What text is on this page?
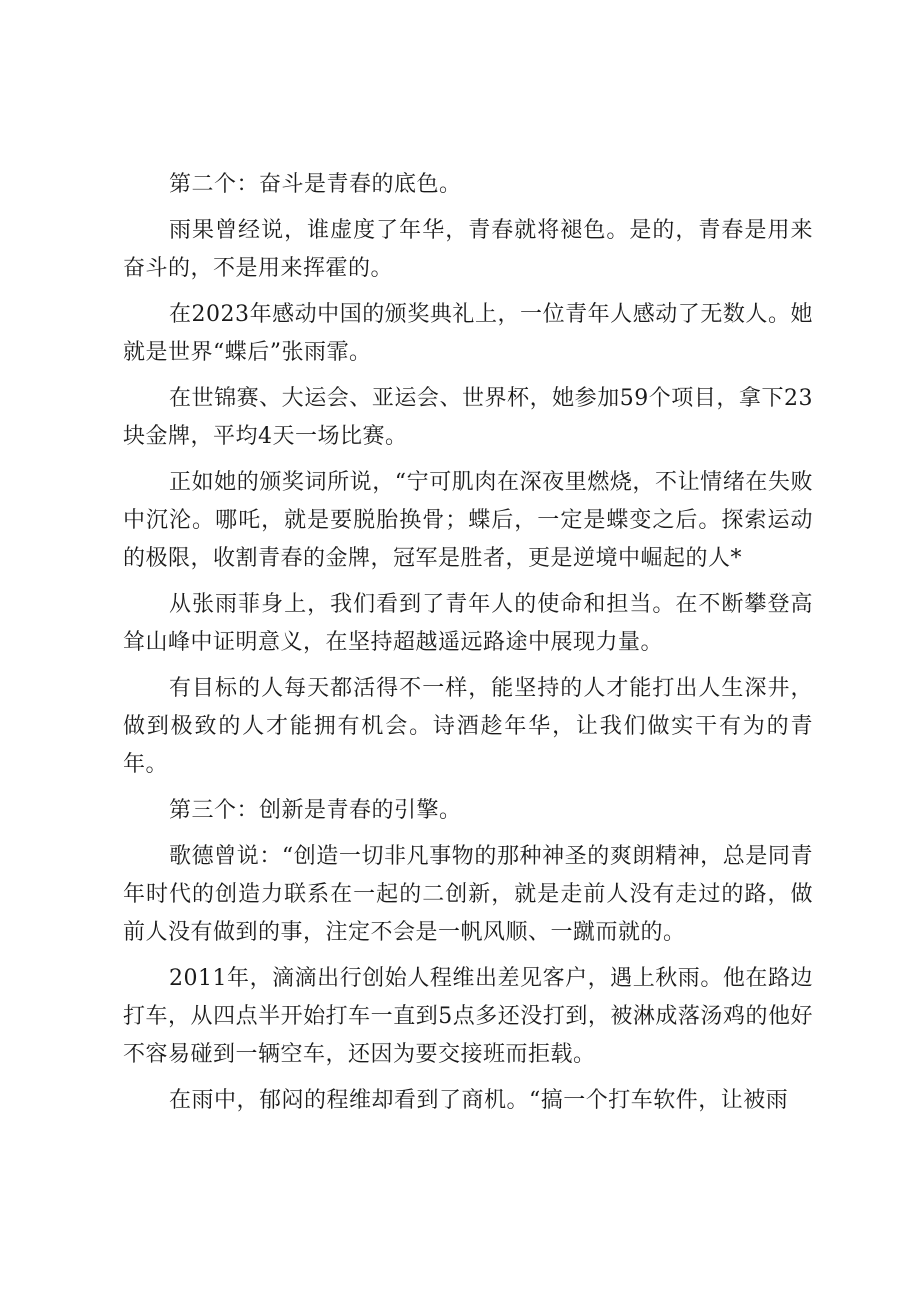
第二个：奋斗是青春的底色。

雨果曾经说，谁虚度了年华，青春就将褪色。是的，青春是用来奋斗的，不是用来挥霍的。

在2023年感动中国的颁奖典礼上，一位青年人感动了无数人。她就是世界“蝶后”张雨霏。

在世锦赛、大运会、亚运会、世界杯，她参加59个项目，拿下23块金牌，平均4天一场比赛。

正如她的颁奖词所说，“宁可肌肉在深夜里燃烧，不让情绪在失败中沉沦。哪吒，就是要脱胎换骨；蝶后，一定是蝶变之后。探索运动的极限，收割青春的金牌，冠军是胜者，更是逆境中崛起的人*

从张雨菲身上，我们看到了青年人的使命和担当。在不断攀登高耸山峰中证明意义，在坚持超越遥远路途中展现力量。

有目标的人每天都活得不一样，能坚持的人才能打出人生深井，做到极致的人才能拥有机会。诗酒趁年华，让我们做实干有为的青年。

第三个：创新是青春的引擎。

歌德曾说：“创造一切非凡事物的那种神圣的爽朗精神，总是同青年时代的创造力联系在一起的二创新，就是走前人没有走过的路，做前人没有做到的事，注定不会是一帆风顺、一蹴而就的。

2011年，滴滴出行创始人程维出差见客户，遇上秋雨。他在路边打车，从四点半开始打车一直到5点多还没打到，被淋成落汤鸡的他好不容易碰到一辆空车，还因为要交接班而拒载。

在雨中，郁闷的程维却看到了商机。“搞一个打车软件，让被雨
